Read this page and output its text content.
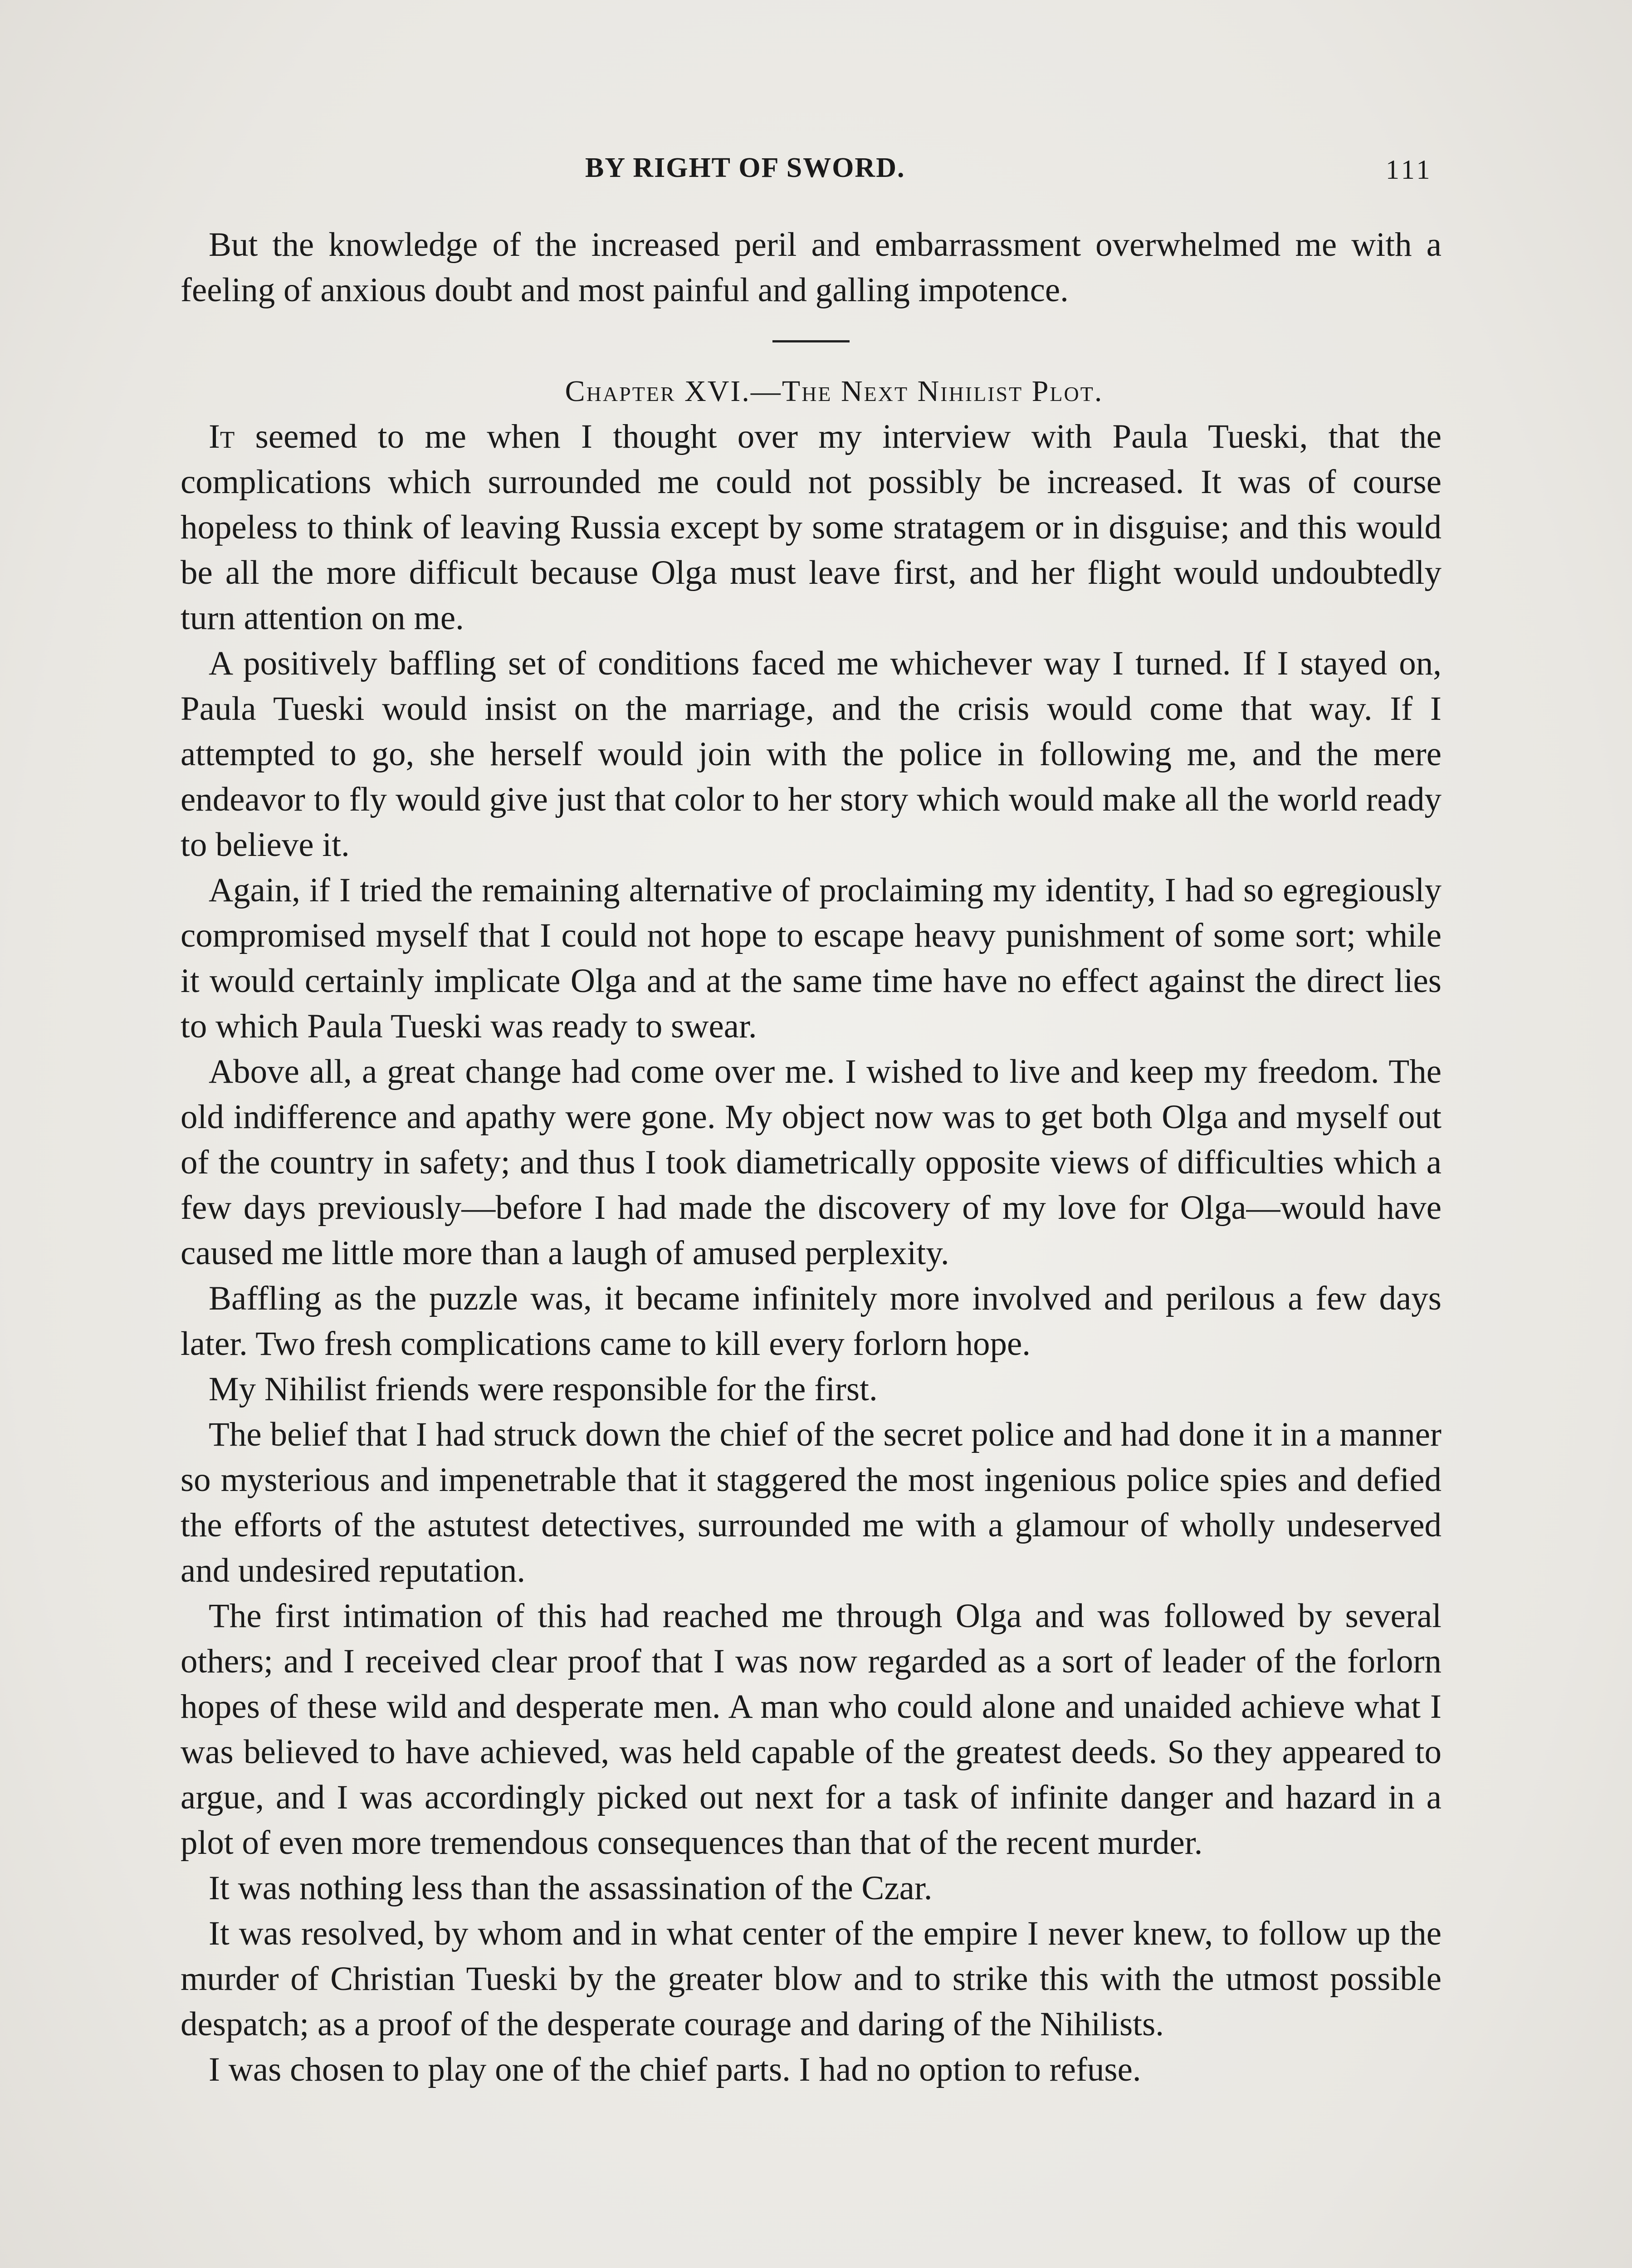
BY RIGHT OF SWORD.	111

But the knowledge of the increased peril and embarrassment overwhelmed me with a feeling of anxious doubt and most painful and galling impotence.

Chapter XVI.—The Next Nihilist Plot.

It seemed to me when I thought over my interview with Paula Tueski, that the complications which surrounded me could not possibly be increased. It was of course hopeless to think of leaving Russia except by some stratagem or in disguise; and this would be all the more difficult because Olga must leave first, and her flight would undoubtedly turn attention on me.

A positively baffling set of conditions faced me whichever way I turned. If I stayed on, Paula Tueski would insist on the marriage, and the crisis would come that way. If I attempted to go, she herself would join with the police in following me, and the mere endeavor to fly would give just that color to her story which would make all the world ready to believe it.

Again, if I tried the remaining alternative of proclaiming my identity, I had so egregiously compromised myself that I could not hope to escape heavy punishment of some sort; while it would certainly implicate Olga and at the same time have no effect against the direct lies to which Paula Tueski was ready to swear.

Above all, a great change had come over me. I wished to live and keep my freedom. The old indifference and apathy were gone. My object now was to get both Olga and myself out of the country in safety; and thus I took diametrically opposite views of difficulties which a few days previously—before I had made the discovery of my love for Olga—would have caused me little more than a laugh of amused perplexity.

Baffling as the puzzle was, it became infinitely more involved and perilous a few days later. Two fresh complications came to kill every forlorn hope.

My Nihilist friends were responsible for the first.

The belief that I had struck down the chief of the secret police and had done it in a manner so mysterious and impenetrable that it staggered the most ingenious police spies and defied the efforts of the astutest detectives, surrounded me with a glamour of wholly undeserved and undesired reputation.

The first intimation of this had reached me through Olga and was followed by several others; and I received clear proof that I was now regarded as a sort of leader of the forlorn hopes of these wild and desperate men. A man who could alone and unaided achieve what I was believed to have achieved, was held capable of the greatest deeds. So they appeared to argue, and I was accordingly picked out next for a task of infinite danger and hazard in a plot of even more tremendous consequences than that of the recent murder.

It was nothing less than the assassination of the Czar.

It was resolved, by whom and in what center of the empire I never knew, to follow up the murder of Christian Tueski by the greater blow and to strike this with the utmost possible despatch; as a proof of the desperate courage and daring of the Nihilists.

I was chosen to play one of the chief parts. I had no option to refuse.
